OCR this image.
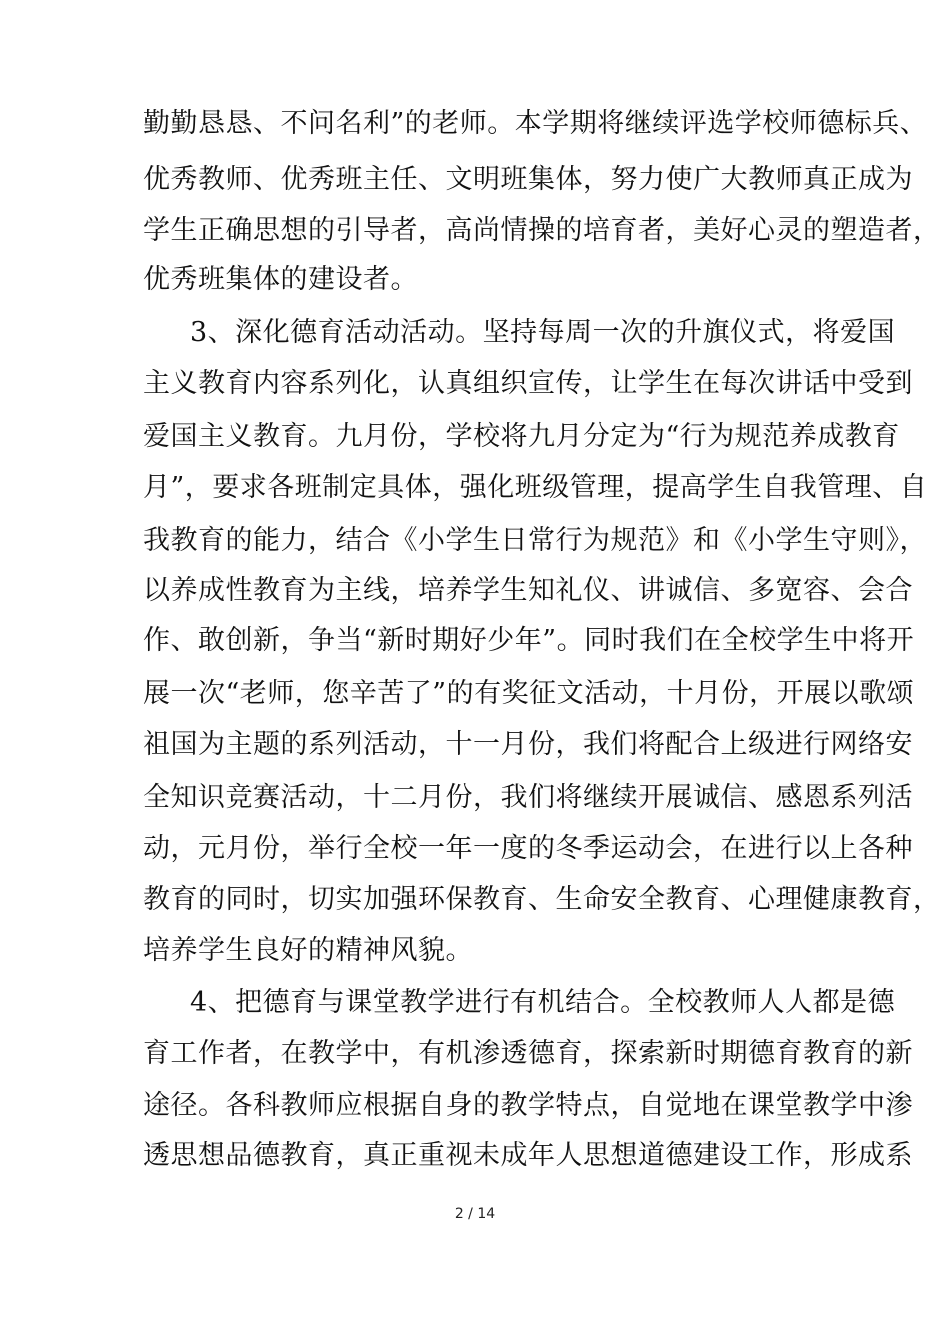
勤勤恳恳、不问名利”的老师。本学期将继续评选学校师德标兵、
优秀教师、优秀班主任、文明班集体，努力使广大教师真正成为
学生正确思想的引导者，高尚情操的培育者，美好心灵的塑造者，
优秀班集体的建设者。
3、深化德育活动活动。坚持每周一次的升旗仪式，将爱国
主义教育内容系列化，认真组织宣传，让学生在每次讲话中受到
爱国主义教育。九月份，学校将九月分定为“行为规范养成教育
月”，要求各班制定具体，强化班级管理，提高学生自我管理、自
我教育的能力，结合《小学生日常行为规范》和《小学生守则》，
以养成性教育为主线，培养学生知礼仪、讲诚信、多宽容、会合
作、敢创新，争当“新时期好少年”。同时我们在全校学生中将开
展一次“老师，您辛苦了”的有奖征文活动，十月份，开展以歌颂
祖国为主题的系列活动，十一月份，我们将配合上级进行网络安
全知识竞赛活动，十二月份，我们将继续开展诚信、感恩系列活
动，元月份，举行全校一年一度的冬季运动会，在进行以上各种
教育的同时，切实加强环保教育、生命安全教育、心理健康教育，
培养学生良好的精神风貌。
4、把德育与课堂教学进行有机结合。全校教师人人都是德
育工作者，在教学中，有机渗透德育，探索新时期德育教育的新
途径。各科教师应根据自身的教学特点，自觉地在课堂教学中渗
透思想品德教育，真正重视未成年人思想道德建设工作，形成系
2 / 14
